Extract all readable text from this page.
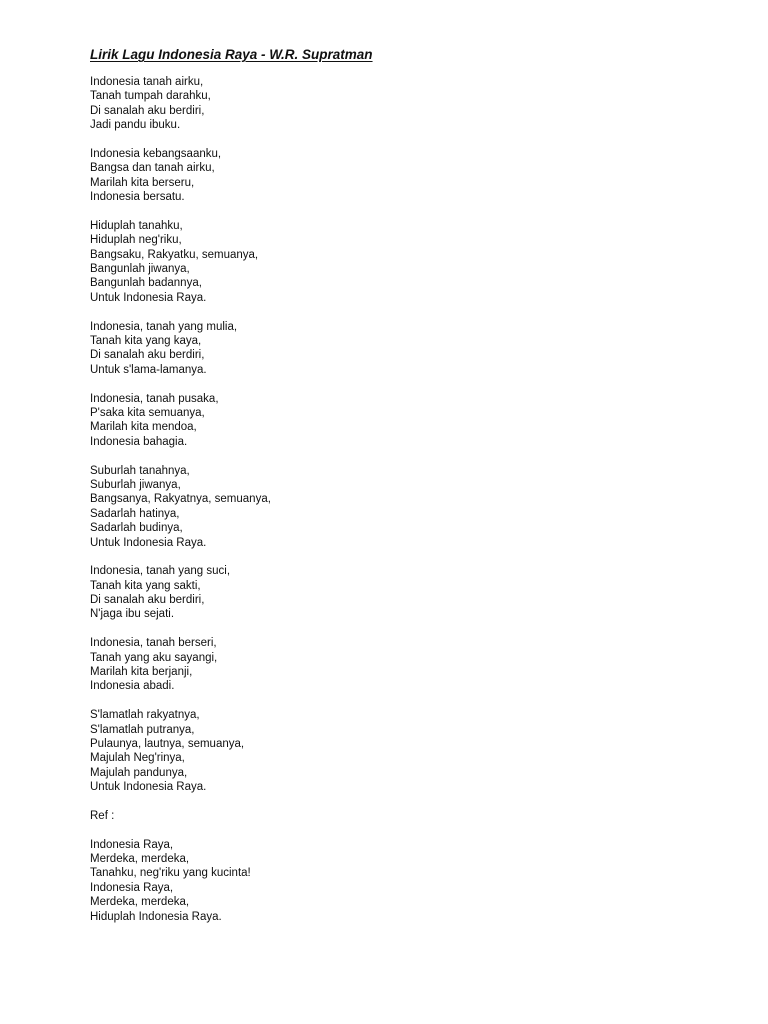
Lirik Lagu Indonesia Raya - W.R. Supratman
Indonesia tanah airku,
Tanah tumpah darahku,
Di sanalah aku berdiri,
Jadi pandu ibuku.
Indonesia kebangsaanku,
Bangsa dan tanah airku,
Marilah kita berseru,
Indonesia bersatu.
Hiduplah tanahku,
Hiduplah neg'riku,
Bangsaku, Rakyatku, semuanya,
Bangunlah jiwanya,
Bangunlah badannya,
Untuk Indonesia Raya.
Indonesia, tanah yang mulia,
Tanah kita yang kaya,
Di sanalah aku berdiri,
Untuk s'lama-lamanya.
Indonesia, tanah pusaka,
P'saka kita semuanya,
Marilah kita mendoa,
Indonesia bahagia.
Suburlah tanahnya,
Suburlah jiwanya,
Bangsanya, Rakyatnya, semuanya,
Sadarlah hatinya,
Sadarlah budinya,
Untuk Indonesia Raya.
Indonesia, tanah yang suci,
Tanah kita yang sakti,
Di sanalah aku berdiri,
N'jaga ibu sejati.
Indonesia, tanah berseri,
Tanah yang aku sayangi,
Marilah kita berjanji,
Indonesia abadi.
S'lamatlah rakyatnya,
S'lamatlah putranya,
Pulaunya, lautnya, semuanya,
Majulah Neg'rinya,
Majulah pandunya,
Untuk Indonesia Raya.
Ref :
Indonesia Raya,
Merdeka, merdeka,
Tanahku, neg'riku yang kucinta!
Indonesia Raya,
Merdeka, merdeka,
Hiduplah Indonesia Raya.
